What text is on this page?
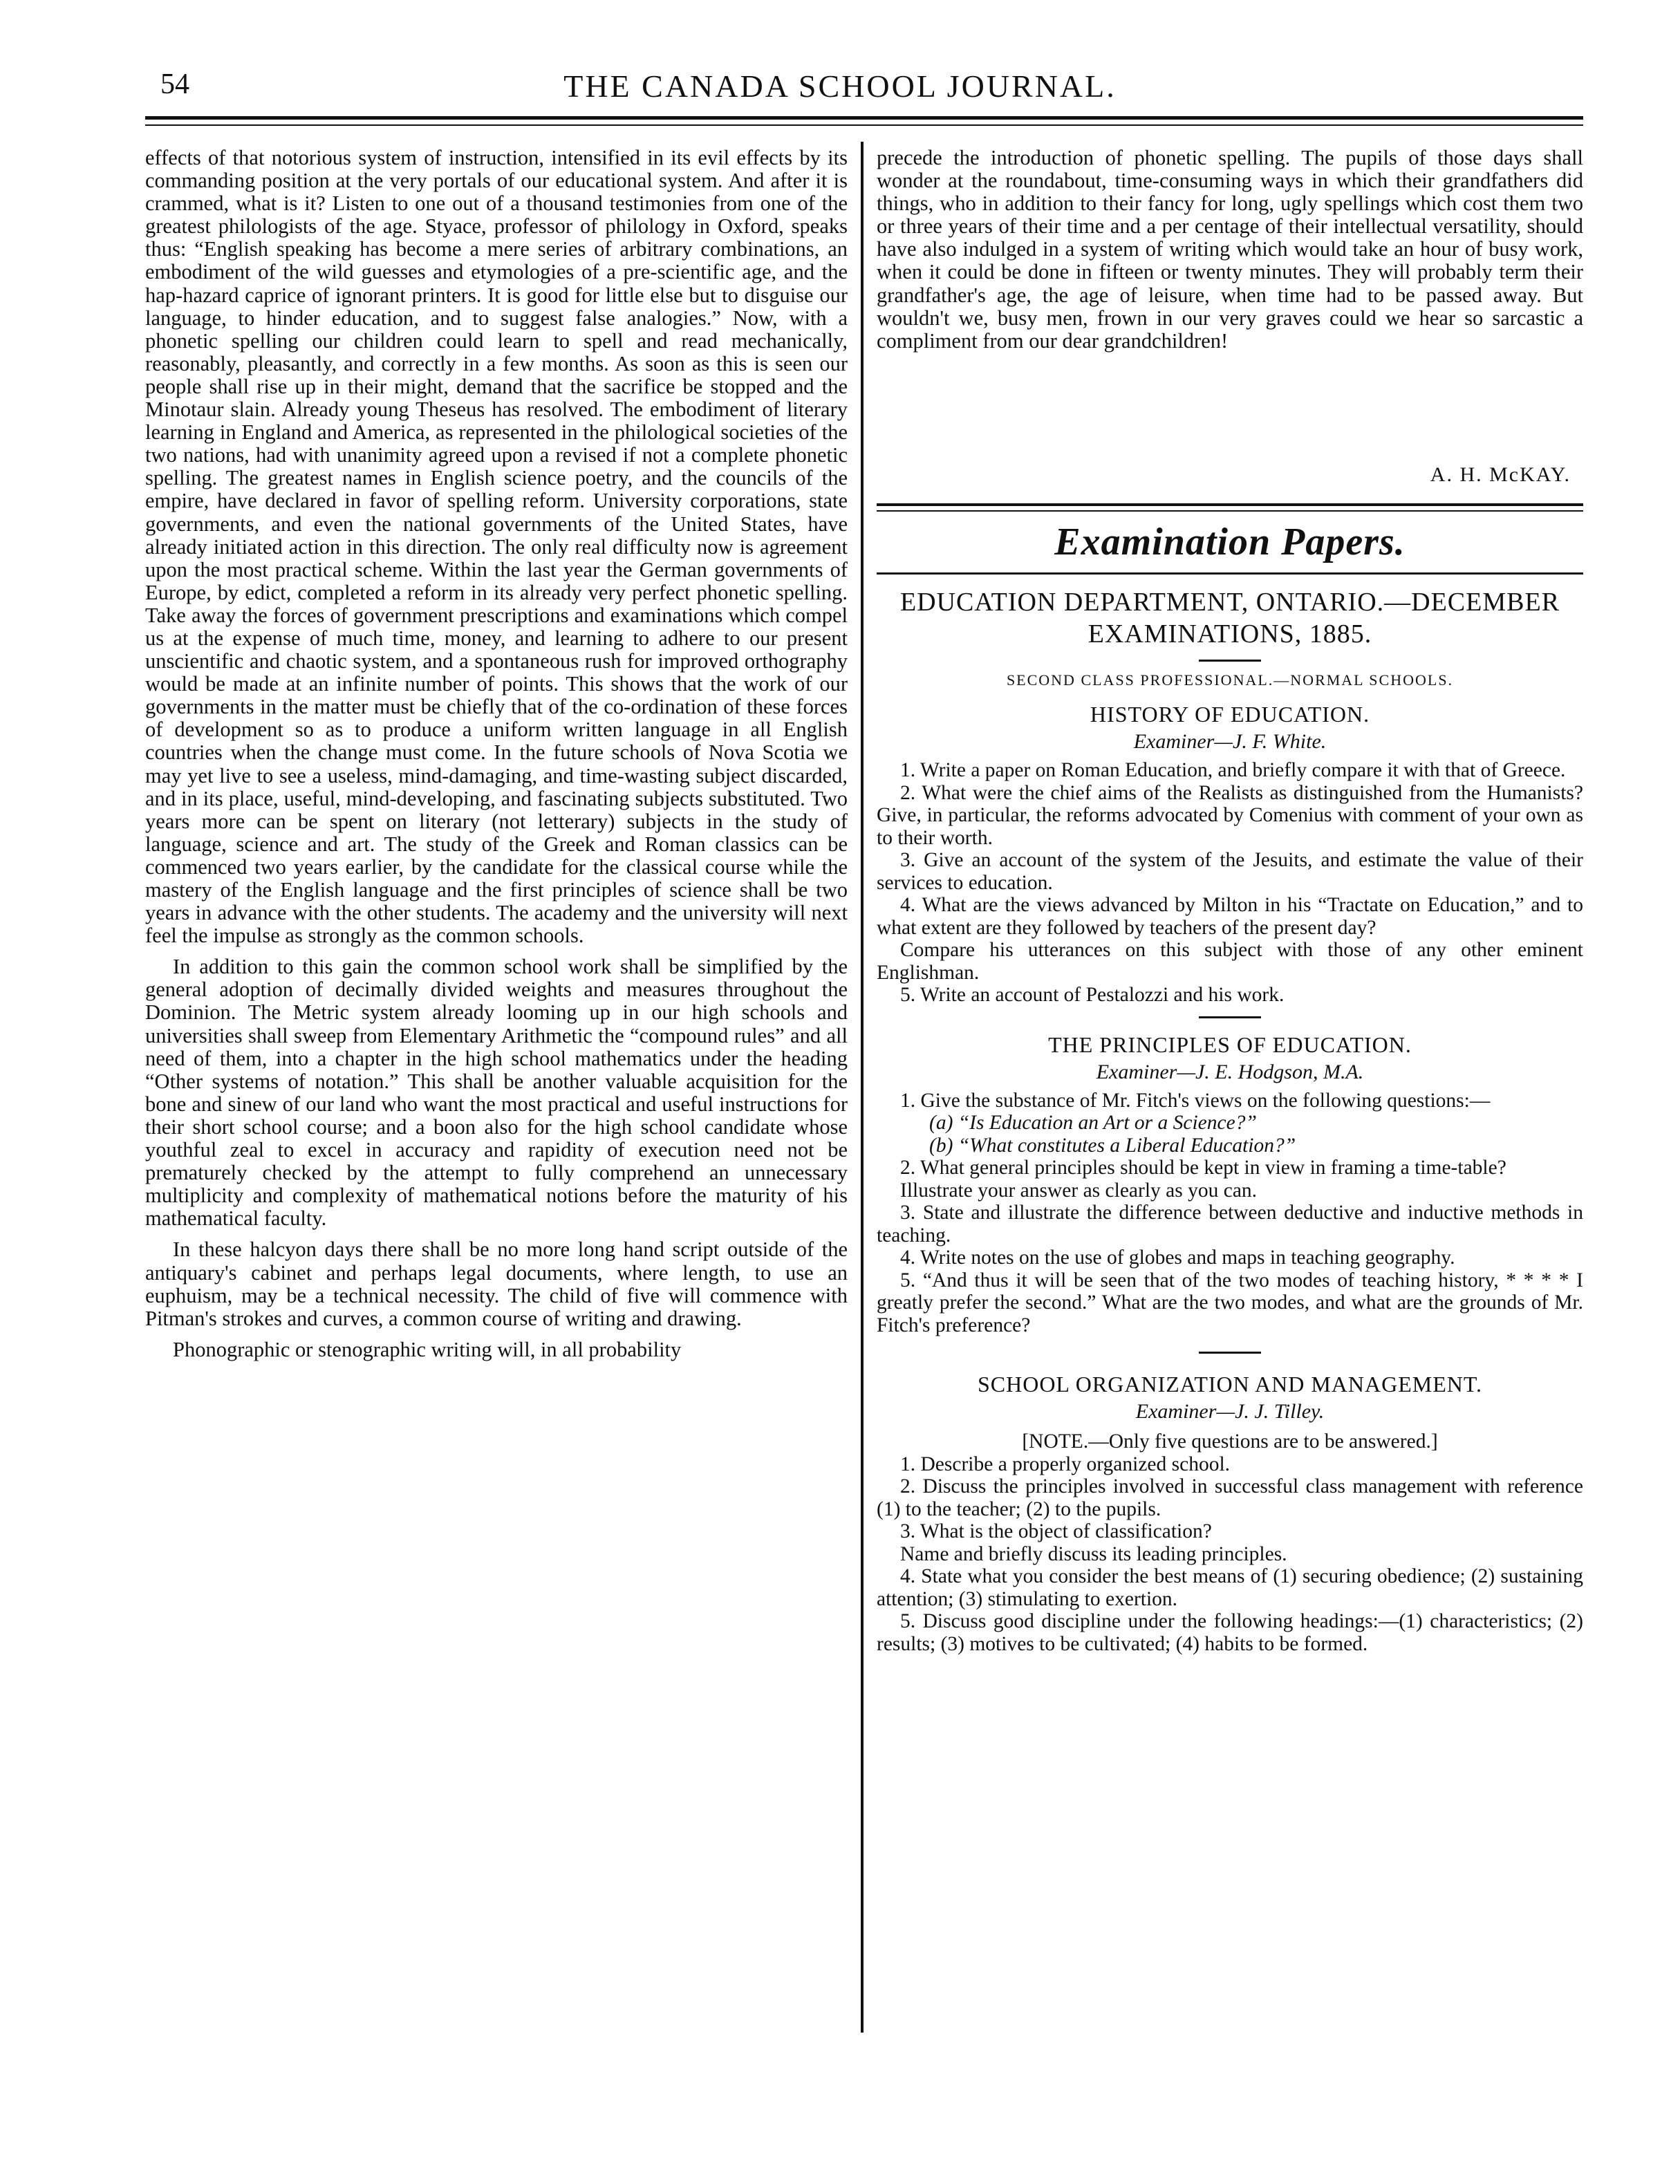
54	THE CANADA SCHOOL JOURNAL.

effects of that notorious system of instruction, intensified in its evil effects by its commanding position at the very portals of our educational system. And after it is crammed, what is it? Listen to one out of a thousand testimonies from one of the greatest philologists of the age. Styace, professor of philology in Oxford, speaks thus: “English speaking has become a mere series of arbitrary combinations, an embodiment of the wild guesses and etymologies of a pre-scientific age, and the hap-hazard caprice of ignorant printers. It is good for little else but to disguise our language, to hinder education, and to suggest false analogies.” Now, with a phonetic spelling our children could learn to spell and read mechanically, reasonably, pleasantly, and correctly in a few months. As soon as this is seen our people shall rise up in their might, demand that the sacrifice be stopped and the Minotaur slain. Already young Theseus has resolved. The embodiment of literary learning in England and America, as represented in the philological societies of the two nations, had with unanimity agreed upon a revised if not a complete phonetic spelling. The greatest names in English science poetry, and the councils of the empire, have declared in favor of spelling reform. University corporations, state governments, and even the national governments of the United States, have already initiated action in this direction. The only real difficulty now is agreement upon the most practical scheme. Within the last year the German governments of Europe, by edict, completed a reform in its already very perfect phonetic spelling. Take away the forces of government prescriptions and examinations which compel us at the expense of much time, money, and learning to adhere to our present unscientific and chaotic system, and a spontaneous rush for improved orthography would be made at an infinite number of points. This shows that the work of our governments in the matter must be chiefly that of the co-ordination of these forces of development so as to produce a uniform written language in all English countries when the change must come. In the future schools of Nova Scotia we may yet live to see a useless, mind-damaging, and time-wasting subject discarded, and in its place, useful, mind-developing, and fascinating subjects substituted. Two years more can be spent on literary (not letterary) subjects in the study of language, science and art. The study of the Greek and Roman classics can be commenced two years earlier, by the candidate for the classical course while the mastery of the English language and the first principles of science shall be two years in advance with the other students. The academy and the university will next feel the impulse as strongly as the common schools.

In addition to this gain the common school work shall be simplified by the general adoption of decimally divided weights and measures throughout the Dominion. The Metric system already looming up in our high schools and universities shall sweep from Elementary Arithmetic the “compound rules” and all need of them, into a chapter in the high school mathematics under the heading “Other systems of notation.” This shall be another valuable acquisition for the bone and sinew of our land who want the most practical and useful instructions for their short school course; and a boon also for the high school candidate whose youthful zeal to excel in accuracy and rapidity of execution need not be prematurely checked by the attempt to fully comprehend an unnecessary multiplicity and complexity of mathematical notions before the maturity of his mathematical faculty.

In these halcyon days there shall be no more long hand script outside of the antiquary's cabinet and perhaps legal documents, where length, to use an euphuism, may be a technical necessity. The child of five will commence with Pitman's strokes and curves, a common course of writing and drawing.

Phonographic or stenographic writing will, in all probability

precede the introduction of phonetic spelling. The pupils of those days shall wonder at the roundabout, time-consuming ways in which their grandfathers did things, who in addition to their fancy for long, ugly spellings which cost them two or three years of their time and a per centage of their intellectual versatility, should have also indulged in a system of writing which would take an hour of busy work, when it could be done in fifteen or twenty minutes. They will probably term their grandfather's age, the age of leisure, when time had to be passed away. But wouldn't we, busy men, frown in our very graves could we hear so sarcastic a compliment from our dear grandchildren!

A. H. McKAY.
Examination Papers.
EDUCATION DEPARTMENT, ONTARIO.—DECEMBER EXAMINATIONS, 1885.
SECOND CLASS PROFESSIONAL.—NORMAL SCHOOLS.
HISTORY OF EDUCATION.
Examiner—J. F. White.

1. Write a paper on Roman Education, and briefly compare it with that of Greece.

2. What were the chief aims of the Realists as distinguished from the Humanists? Give, in particular, the reforms advocated by Comenius with comment of your own as to their worth.

3. Give an account of the system of the Jesuits, and estimate the value of their services to education.

4. What are the views advanced by Milton in his “Tractate on Education,” and to what extent are they followed by teachers of the present day?

Compare his utterances on this subject with those of any other eminent Englishman.

5. Write an account of Pestalozzi and his work.

THE PRINCIPLES OF EDUCATION.
Examiner—J. E. Hodgson, M.A.

1. Give the substance of Mr. Fitch's views on the following questions:—

(a) “Is Education an Art or a Science?”

(b) “What constitutes a Liberal Education?”

2. What general principles should be kept in view in framing a time-table?

Illustrate your answer as clearly as you can.

3. State and illustrate the difference between deductive and inductive methods in teaching.

4. Write notes on the use of globes and maps in teaching geography.

5. “And thus it will be seen that of the two modes of teaching history, * * * * I greatly prefer the second.” What are the two modes, and what are the grounds of Mr. Fitch's preference?

SCHOOL ORGANIZATION AND MANAGEMENT.
Examiner—J. J. Tilley.

[NOTE.—Only five questions are to be answered.]

1. Describe a properly organized school.

2. Discuss the principles involved in successful class management with reference (1) to the teacher; (2) to the pupils.

3. What is the object of classification?

Name and briefly discuss its leading principles.

4. State what you consider the best means of (1) securing obedience; (2) sustaining attention; (3) stimulating to exertion.

5. Discuss good discipline under the following headings:—(1) characteristics; (2) results; (3) motives to be cultivated; (4) habits to be formed.
